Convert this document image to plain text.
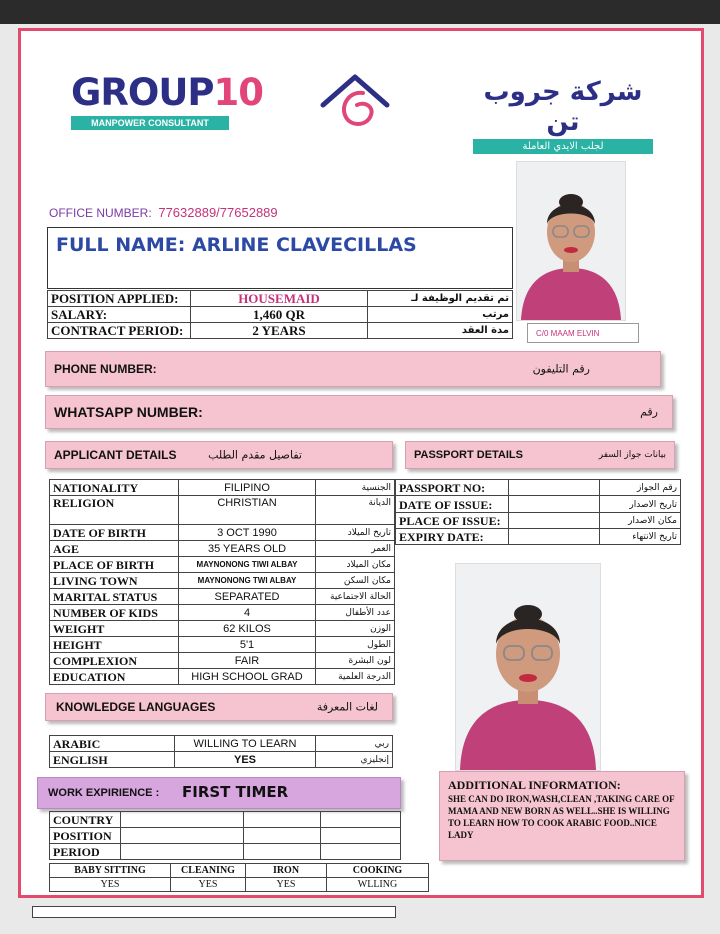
GROUP10
MANPOWER CONSULTANT
شركة جروب تن
لجلب الايدي العاملة
OFFICE NUMBER: 77632889/77652889
FULL NAME: ARLINE CLAVECILLAS
POSITION APPLIED:	HOUSEMAID	تم تقديم الوظيفة لـ
SALARY:	1,460 QR	مرتب
CONTRACT PERIOD:	2 YEARS	مدة العقد	C/0 MAAM ELVIN
PHONE NUMBER:	رقم التليفون
WHATSAPP NUMBER:	رقم
APPLICANT DETAILS	تفاصيل مقدم الطلب	PASSPORT DETAILS	بيانات جواز السفر
NATIONALITY	FILIPINO	الجنسية
RELIGION	CHRISTIAN	الديانة
DATE OF BIRTH	3 OCT 1990	تاريخ الميلاد
AGE	35 YEARS OLD	العمر
PLACE OF BIRTH	MAYNONONG TIWI ALBAY	مكان الميلاد
LIVING TOWN	MAYNONONG TWI ALBAY	مكان السكن
MARITAL STATUS	SEPARATED	الحالة الاجتماعية
NUMBER OF KIDS	4	عدد الأطفال
WEIGHT	62 KILOS	الوزن
HEIGHT	5'1	الطول
COMPLEXION	FAIR	لون البشرة
EDUCATION	HIGH SCHOOL GRAD	الدرجة العلمية
PASSPORT NO:		رقم الجواز
DATE OF ISSUE:		تاريخ الاصدار
PLACE OF ISSUE:		مكان الاصدار
EXPIRY DATE:		تاريخ الانتهاء
KNOWLEDGE LANGUAGES	لغات المعرفة
ARABIC	WILLING TO LEARN	ربي
ENGLISH	YES	إنجليزي
WORK EXPIRIENCE : FIRST TIMER
COUNTRY			
POSITION			
PERIOD			
BABY SITTING	CLEANING	IRON	COOKING
YES	YES	YES	WLLING
ADDITIONAL INFORMATION:
SHE CAN DO IRON,WASH,CLEAN ,TAKING CARE OF MAMA AND NEW BORN AS WELL..SHE IS WILLING TO LEARN HOW TO COOK ARABIC FOOD..NICE LADY
